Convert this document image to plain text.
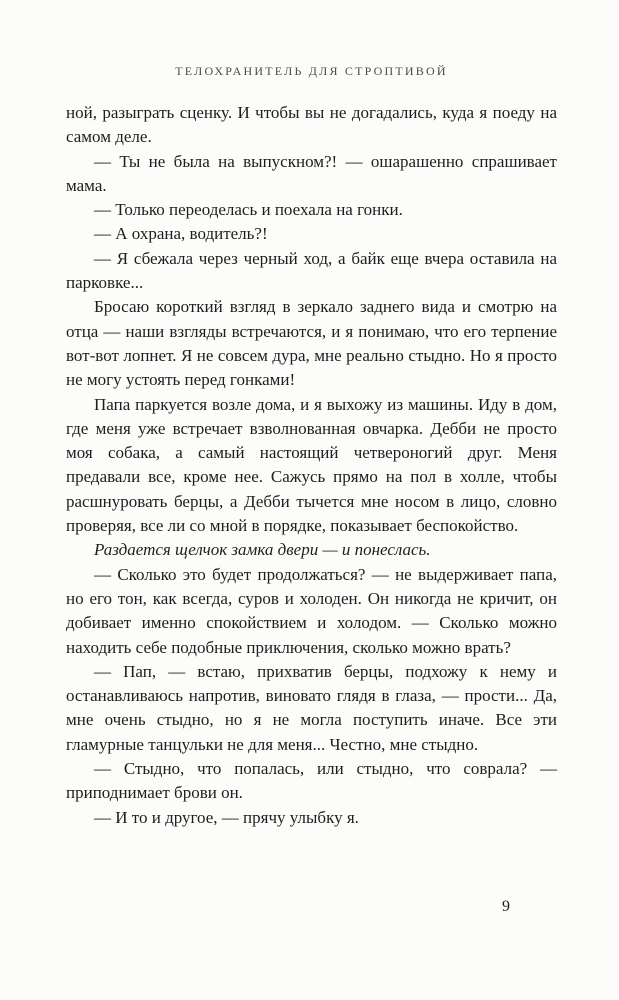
ТЕЛОХРАНИТЕЛЬ ДЛЯ СТРОПТИВОЙ

ной, разыграть сценку. И чтобы вы не догадались, куда я поеду на самом деле.

— Ты не была на выпускном?! — ошарашенно спрашивает мама.

— Только переоделась и поехала на гонки.

— А охрана, водитель?!

— Я сбежала через черный ход, а байк еще вчера оставила на парковке...

Бросаю короткий взгляд в зеркало заднего вида и смотрю на отца — наши взгляды встречаются, и я понимаю, что его терпение вот-вот лопнет. Я не совсем дура, мне реально стыдно. Но я просто не могу устоять перед гонками!

Папа паркуется возле дома, и я выхожу из машины. Иду в дом, где меня уже встречает взволнованная овчарка. Дебби не просто моя собака, а самый настоящий четвероногий друг. Меня предавали все, кроме нее. Сажусь прямо на пол в холле, чтобы расшнуровать берцы, а Дебби тычется мне носом в лицо, словно проверяя, все ли со мной в порядке, показывает беспокойство.

Раздается щелчок замка двери — и понеслась.

— Сколько это будет продолжаться? — не выдерживает папа, но его тон, как всегда, суров и холоден. Он никогда не кричит, он добивает именно спокойствием и холодом. — Сколько можно находить себе подобные приключения, сколько можно врать?

— Пап, — встаю, прихватив берцы, подхожу к нему и останавливаюсь напротив, виновато глядя в глаза, — прости... Да, мне очень стыдно, но я не могла поступить иначе. Все эти гламурные танцульки не для меня... Честно, мне стыдно.

— Стыдно, что попалась, или стыдно, что соврала? — приподнимает брови он.

— И то и другое, — прячу улыбку я.

9
